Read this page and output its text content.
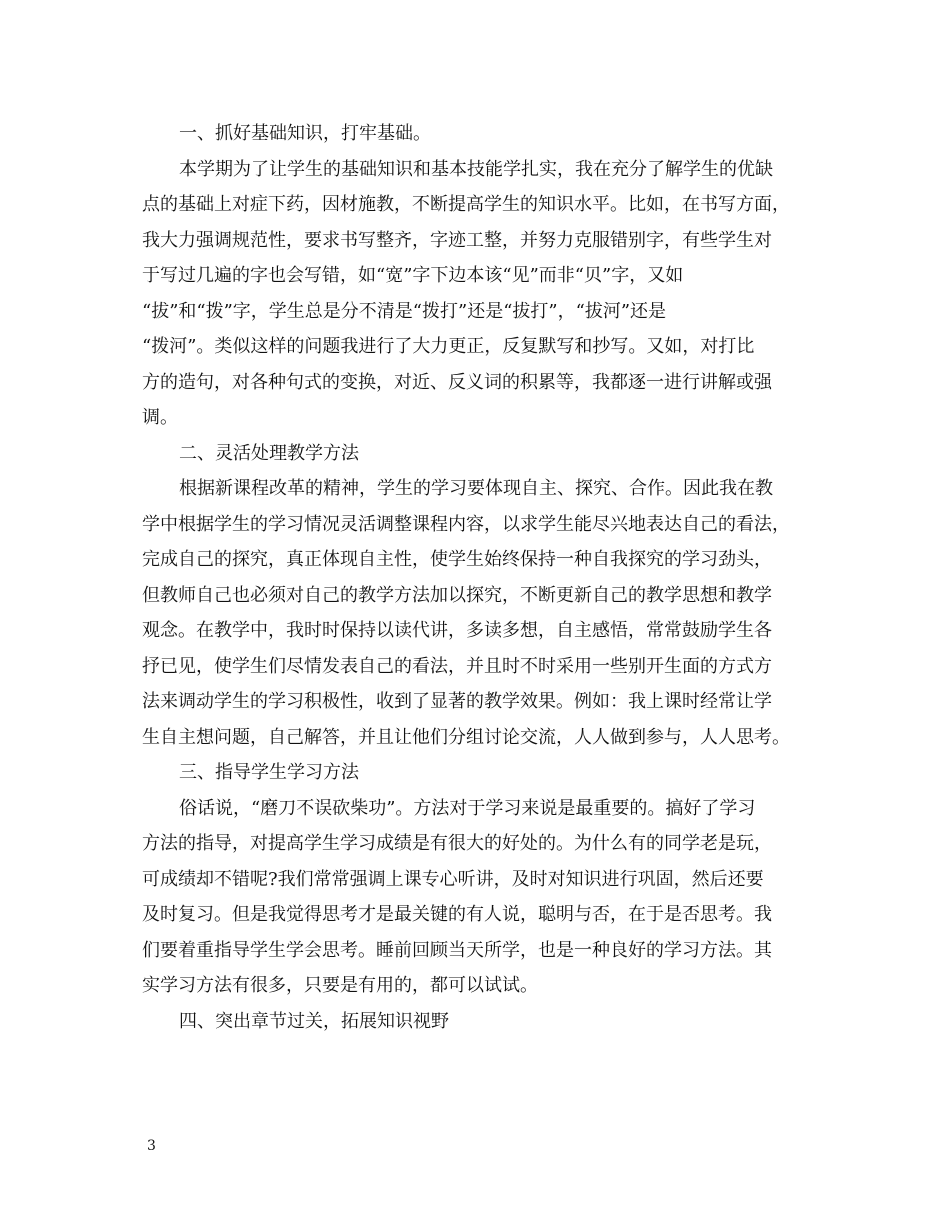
一、抓好基础知识，打牢基础。

本学期为了让学生的基础知识和基本技能学扎实，我在充分了解学生的优缺
点的基础上对症下药，因材施教，不断提高学生的知识水平。比如，在书写方面，
我大力强调规范性，要求书写整齐，字迹工整，并努力克服错别字，有些学生对
于写过几遍的字也会写错，如“宽”字下边本该“见”而非“贝”字，又如
“拔”和“拨”字，学生总是分不清是“拨打”还是“拔打”，“拔河”还是
“拨河”。类似这样的问题我进行了大力更正，反复默写和抄写。又如，对打比
方的造句，对各种句式的变换，对近、反义词的积累等，我都逐一进行讲解或强
调。

二、灵活处理教学方法

根据新课程改革的精神，学生的学习要体现自主、探究、合作。因此我在教
学中根据学生的学习情况灵活调整课程内容，以求学生能尽兴地表达自己的看法，
完成自己的探究，真正体现自主性，使学生始终保持一种自我探究的学习劲头，
但教师自己也必须对自己的教学方法加以探究，不断更新自己的教学思想和教学
观念。在教学中，我时时保持以读代讲，多读多想，自主感悟，常常鼓励学生各
抒已见，使学生们尽情发表自己的看法，并且时不时采用一些别开生面的方式方
法来调动学生的学习积极性，收到了显著的教学效果。例如：我上课时经常让学
生自主想问题，自己解答，并且让他们分组讨论交流，人人做到参与，人人思考。

三、指导学生学习方法

俗话说，“磨刀不误砍柴功”。方法对于学习来说是最重要的。搞好了学习
方法的指导，对提高学生学习成绩是有很大的好处的。为什么有的同学老是玩，
可成绩却不错呢?我们常常强调上课专心听讲，及时对知识进行巩固，然后还要
及时复习。但是我觉得思考才是最关键的有人说，聪明与否，在于是否思考。我
们要着重指导学生学会思考。睡前回顾当天所学，也是一种良好的学习方法。其
实学习方法有很多，只要是有用的，都可以试试。

四、突出章节过关，拓展知识视野

3
